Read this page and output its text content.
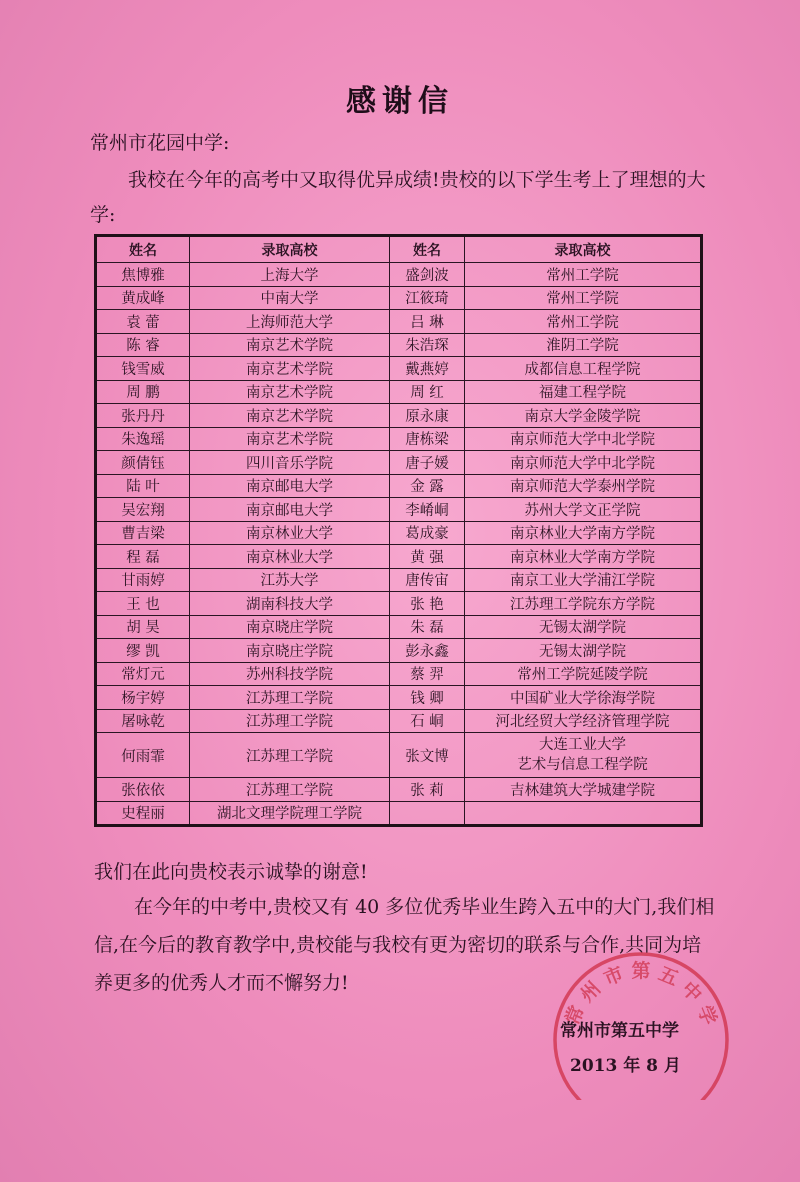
感谢信
常州市花园中学:
我校在今年的高考中又取得优异成绩!贵校的以下学生考上了理想的大学:
姓名	录取高校	姓名	录取高校
焦博雅	上海大学	盛剑波	常州工学院
黄成峰	中南大学	江筱琦	常州工学院
袁 蕾	上海师范大学	吕 琳	常州工学院
陈 睿	南京艺术学院	朱浩琛	淮阴工学院
钱雪威	南京艺术学院	戴燕婷	成都信息工程学院
周 鹏	南京艺术学院	周 红	福建工程学院
张丹丹	南京艺术学院	原永康	南京大学金陵学院
朱逸瑶	南京艺术学院	唐栋梁	南京师范大学中北学院
颜倩钰	四川音乐学院	唐子媛	南京师范大学中北学院
陆 叶	南京邮电大学	金 露	南京师范大学泰州学院
吴宏翔	南京邮电大学	李崤峒	苏州大学文正学院
曹吉梁	南京林业大学	葛成豪	南京林业大学南方学院
程 磊	南京林业大学	黄 强	南京林业大学南方学院
甘雨婷	江苏大学	唐传宙	南京工业大学浦江学院
王 也	湖南科技大学	张 艳	江苏理工学院东方学院
胡 昊	南京晓庄学院	朱 磊	无锡太湖学院
缪 凯	南京晓庄学院	彭永鑫	无锡太湖学院
常灯元	苏州科技学院	蔡 羿	常州工学院延陵学院
杨宇婷	江苏理工学院	钱 卿	中国矿业大学徐海学院
屠咏乾	江苏理工学院	石 峒	河北经贸大学经济管理学院
何雨霏	江苏理工学院	张文博	大连工业大学
艺术与信息工程学院

张依依	江苏理工学院	张 莉	吉林建筑大学城建学院
史程丽	湖北文理学院理工学院		
我们在此向贵校表示诚挚的谢意!
在今年的中考中,贵校又有 40 多位优秀毕业生跨入五中的大门,我们相信,在今后的教育教学中,贵校能与我校有更为密切的联系与合作,共同为培养更多的优秀人才而不懈努力!
常 州 市 第 五 中 学
常州市第五中学
2013 年 8 月
